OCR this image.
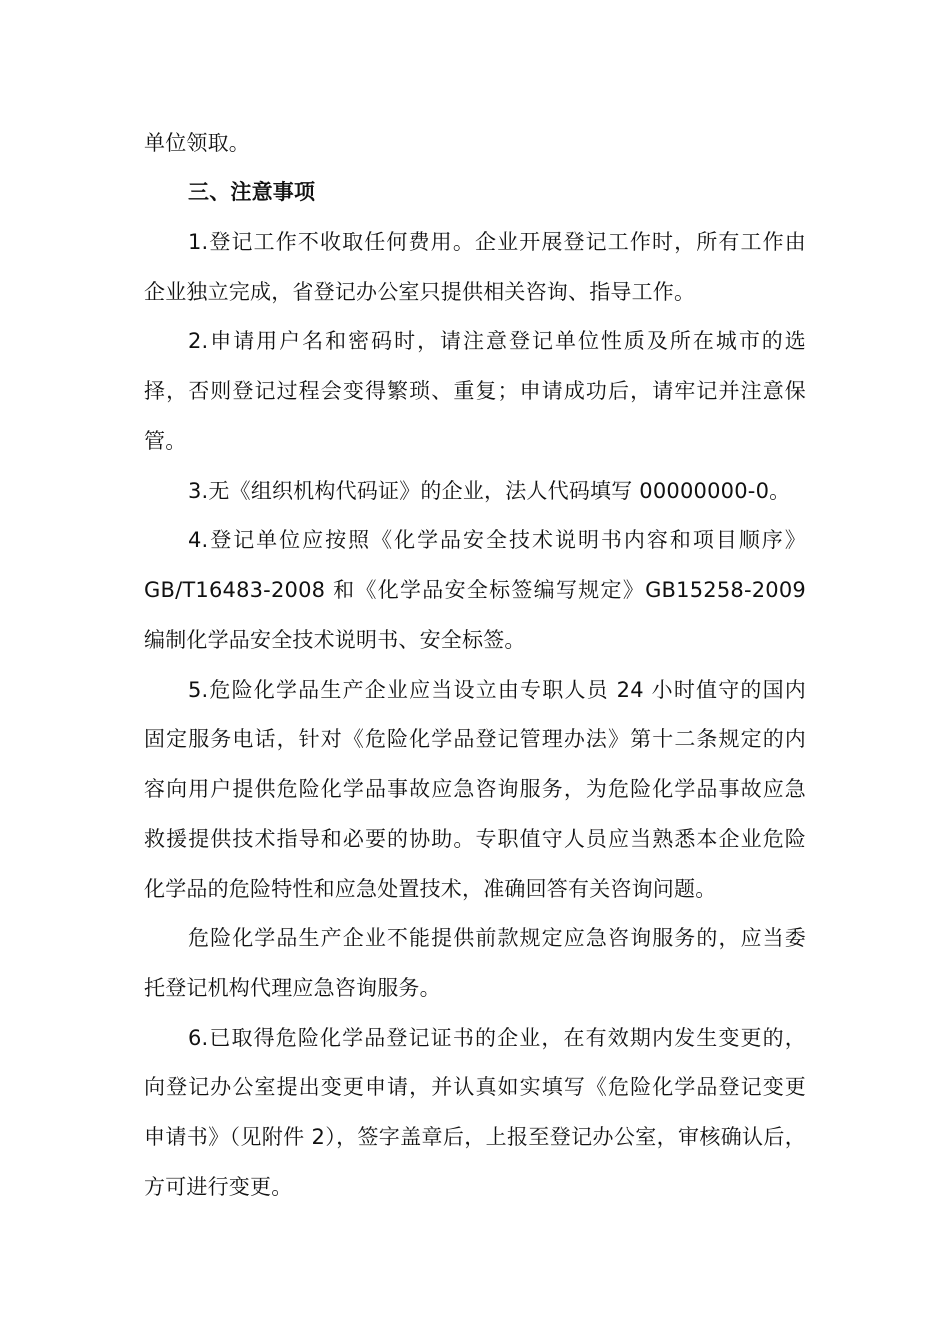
单位领取。
三、注意事项
1.登记工作不收取任何费用。企业开展登记工作时，所有工作由
企业独立完成，省登记办公室只提供相关咨询、指导工作。
2.申请用户名和密码时，请注意登记单位性质及所在城市的选
择，否则登记过程会变得繁琐、重复；申请成功后，请牢记并注意保
管。
3.无《组织机构代码证》的企业，法人代码填写 00000000-0。
4.登记单位应按照《化学品安全技术说明书内容和项目顺序》
GB/T16483-2008 和《化学品安全标签编写规定》GB15258-2009
编制化学品安全技术说明书、安全标签。
5.危险化学品生产企业应当设立由专职人员 24 小时值守的国内
固定服务电话，针对《危险化学品登记管理办法》第十二条规定的内
容向用户提供危险化学品事故应急咨询服务，为危险化学品事故应急
救援提供技术指导和必要的协助。专职值守人员应当熟悉本企业危险
化学品的危险特性和应急处置技术，准确回答有关咨询问题。
危险化学品生产企业不能提供前款规定应急咨询服务的，应当委
托登记机构代理应急咨询服务。
6.已取得危险化学品登记证书的企业，在有效期内发生变更的，
向登记办公室提出变更申请，并认真如实填写《危险化学品登记变更
申请书》（见附件 2），签字盖章后，上报至登记办公室，审核确认后，
方可进行变更。
